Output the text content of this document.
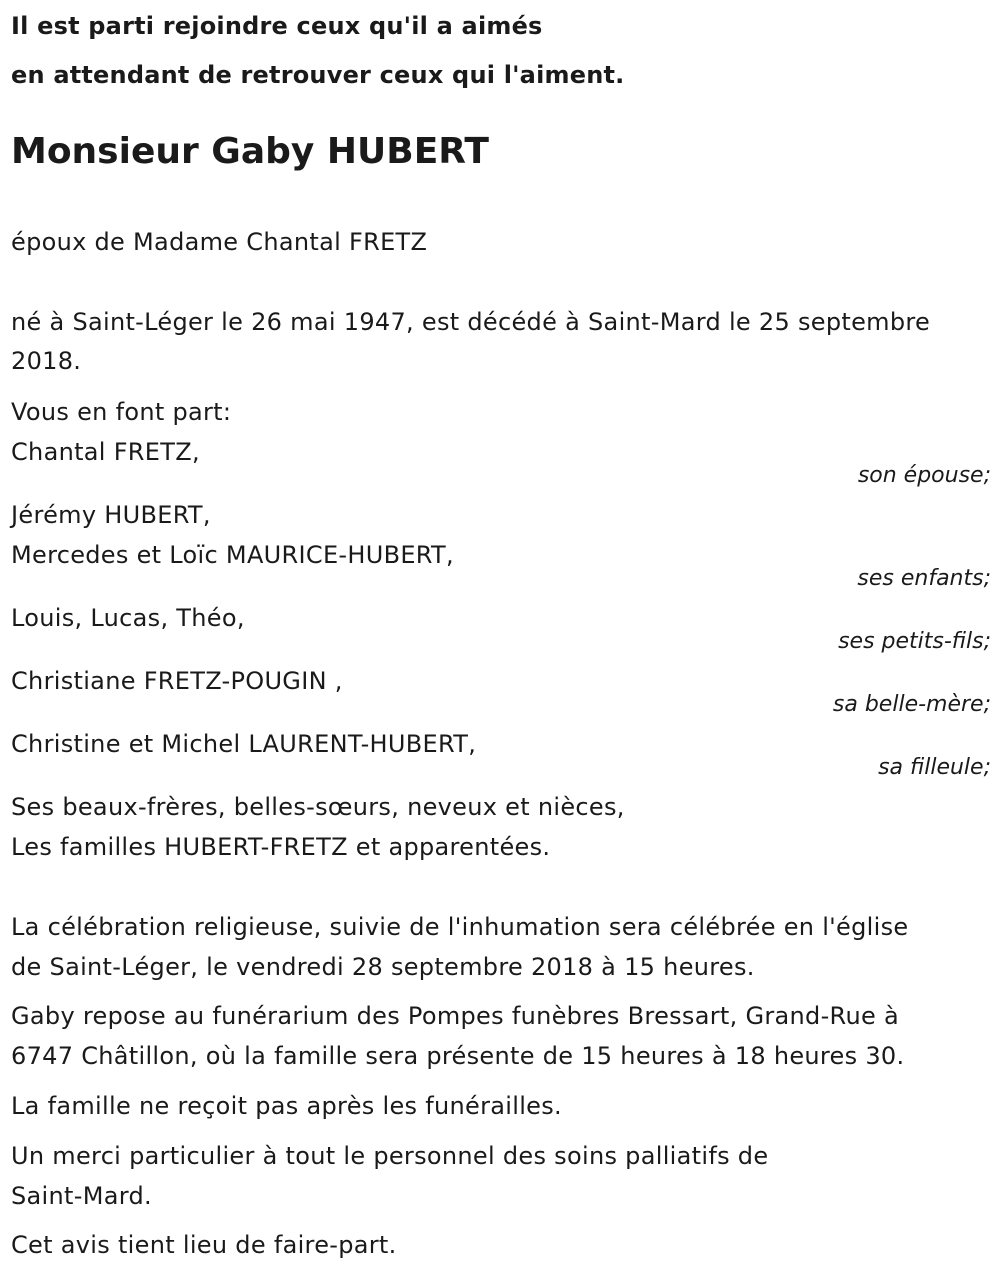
Il est parti rejoindre ceux qu'il a aimés
en attendant de retrouver ceux qui l'aiment.
Monsieur Gaby HUBERT
époux de Madame Chantal FRETZ
né à Saint-Léger le 26 mai 1947, est décédé à Saint-Mard le 25 septembre
2018.
Vous en font part:
Chantal FRETZ,
son épouse;
Jérémy HUBERT,
Mercedes et Loïc MAURICE-HUBERT,
ses enfants;
Louis, Lucas, Théo,
ses petits-fils;
Christiane FRETZ-POUGIN ,
sa belle-mère;
Christine et Michel LAURENT-HUBERT,
sa filleule;
Ses beaux-frères, belles-sœurs, neveux et nièces,
Les familles HUBERT-FRETZ et apparentées.
La célébration religieuse, suivie de l'inhumation sera célébrée en l'église
de Saint-Léger, le vendredi 28 septembre 2018 à 15 heures.
Gaby repose au funérarium des Pompes funèbres Bressart, Grand-Rue à
6747 Châtillon, où la famille sera présente de 15 heures à 18 heures 30.
La famille ne reçoit pas après les funérailles.
Un merci particulier à tout le personnel des soins palliatifs de
Saint-Mard.
Cet avis tient lieu de faire-part.
